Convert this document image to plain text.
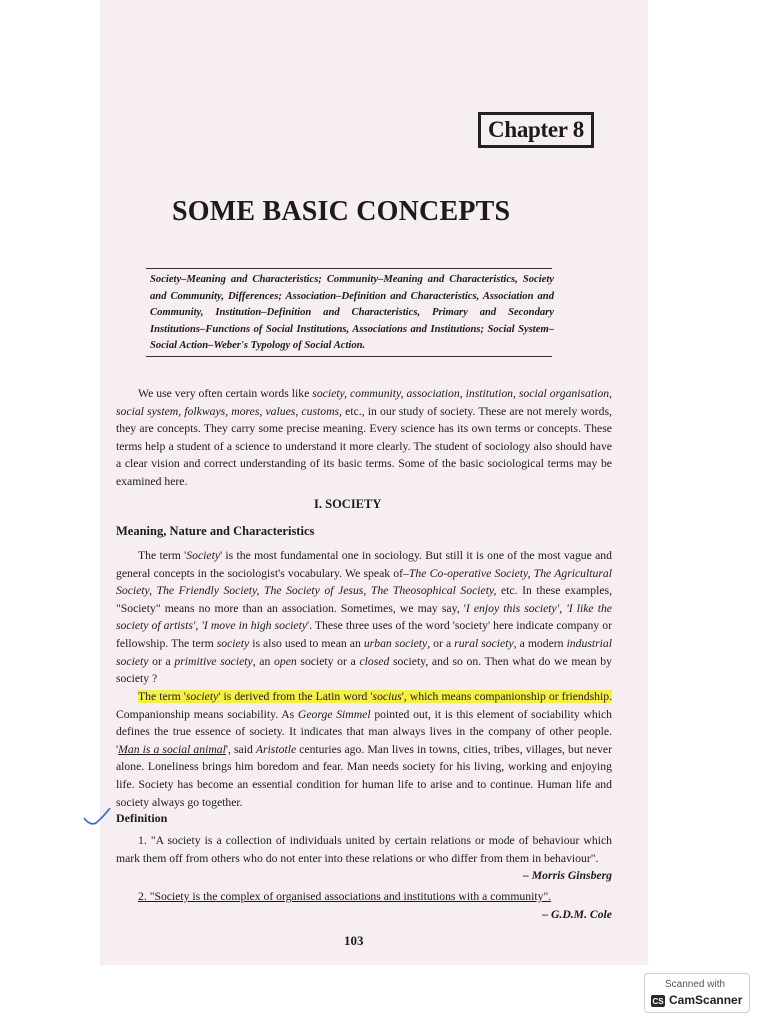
Chapter 8
SOME BASIC CONCEPTS
Society–Meaning and Characteristics; Community–Meaning and Characteristics, Society and Community, Differences; Association–Definition and Characteristics, Association and Community, Institution–Definition and Characteristics, Primary and Secondary Institutions–Functions of Social Institutions, Associations and Institutions; Social System–Social Action–Weber's Typology of Social Action.

We use very often certain words like society, community, association, institution, social organisation, social system, folkways, mores, values, customs, etc., in our study of society. These are not merely words, they are concepts. They carry some precise meaning. Every science has its own terms or concepts. These terms help a student of a science to understand it more clearly. The student of sociology also should have a clear vision and correct understanding of its basic terms. Some of the basic sociological terms may be examined here.

I. SOCIETY
Meaning, Nature and Characteristics

The term 'Society' is the most fundamental one in sociology. But still it is one of the most vague and general concepts in the sociologist's vocabulary. We speak of–The Co-operative Society, The Agricultural Society, The Friendly Society, The Society of Jesus, The Theosophical Society, etc. In these examples, "Society" means no more than an association. Sometimes, we may say, 'I enjoy this society', 'I like the society of artists', 'I move in high society'. These three uses of the word 'society' here indicate company or fellowship. The term society is also used to mean an urban society, or a rural society, a modern industrial society or a primitive society, an open society or a closed society, and so on. Then what do we mean by society ?

The term 'society' is derived from the Latin word 'socius', which means companionship or friendship. Companionship means sociability. As George Simmel pointed out, it is this element of sociability which defines the true essence of society. It indicates that man always lives in the company of other people. 'Man is a social animal', said Aristotle centuries ago. Man lives in towns, cities, tribes, villages, but never alone. Loneliness brings him boredom and fear. Man needs society for his living, working and enjoying life. Society has become an essential condition for human life to arise and to continue. Human life and society always go together.

Definition

1. "A society is a collection of individuals united by certain relations or mode of behaviour which mark them off from others who do not enter into these relations or who differ from them in behaviour".

– Morris Ginsberg

2. "Society is the complex of organised associations and institutions with a community".

– G.D.M. Cole

103
Scanned with
CS CamScanner
